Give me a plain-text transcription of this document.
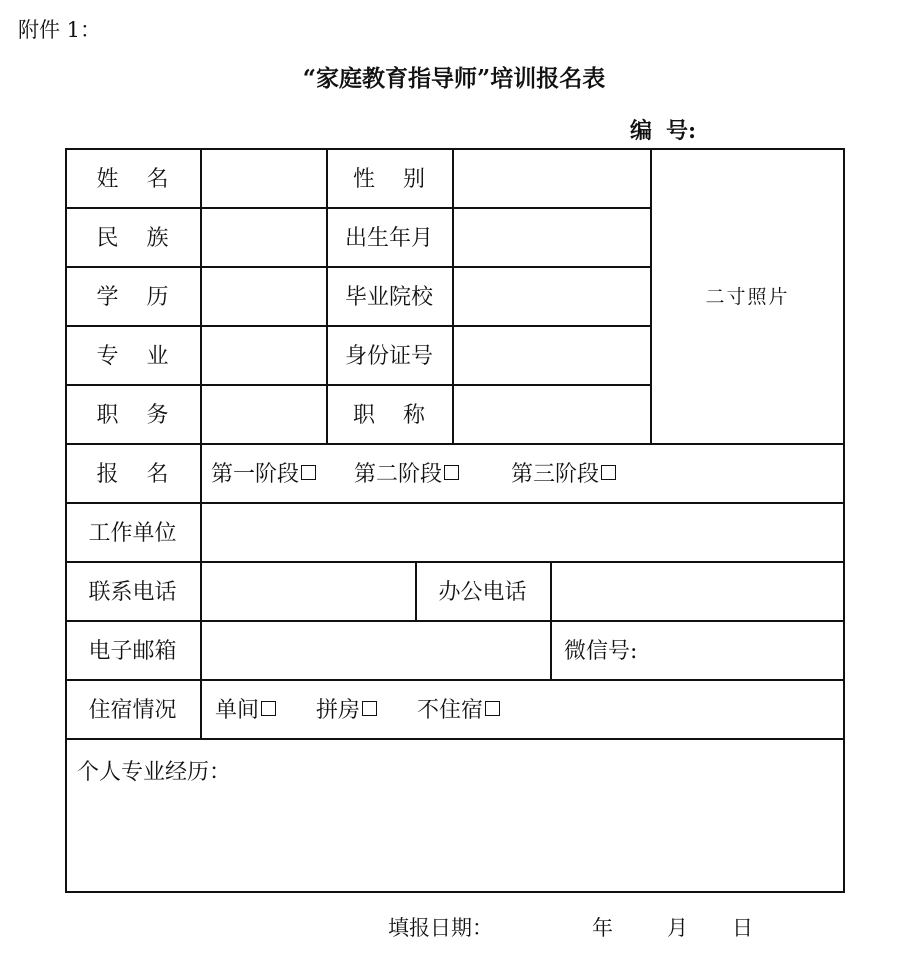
附件 1：
“家庭教育指导师”培训报名表
编 号:
姓 名	性 别
民 族	出生年月
学 历	毕业院校
专 业	身份证号
职 务	职 称
二寸照片
报 名 第一阶段	第二阶段	第三阶段
工作单位
联系电话	办公电话
电子邮箱	微信号:
住宿情况	单间	拼房	不住宿
个人专业经历：
填报日期：	年	月 日
